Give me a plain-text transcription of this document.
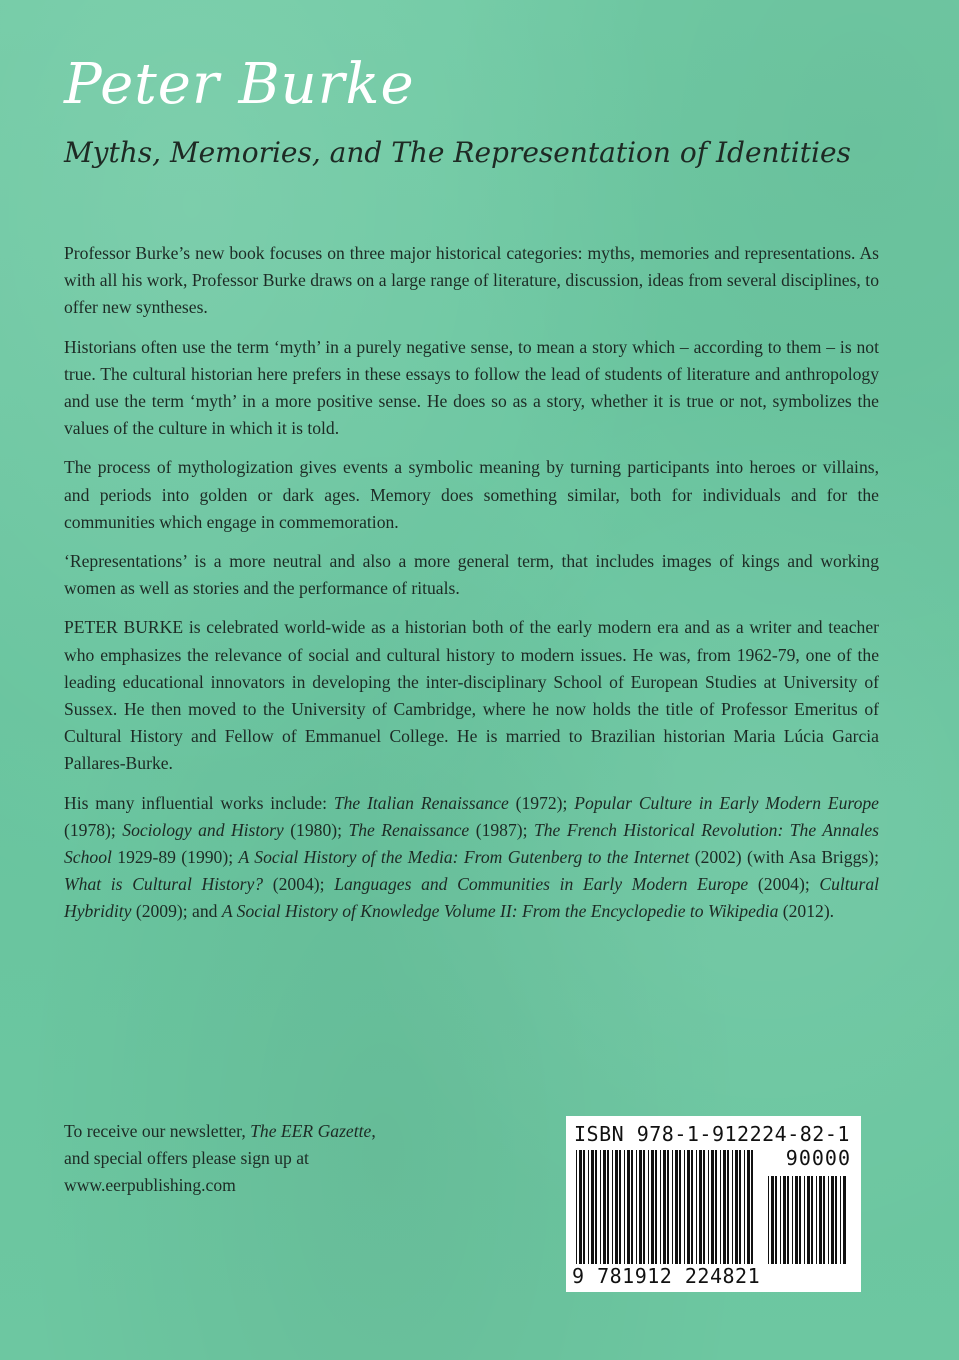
Peter Burke
Myths, Memories, and The Representation of Identities

Professor Burke’s new book focuses on three major historical categories: myths, memories and representations. As with all his work, Professor Burke draws on a large range of literature, discussion, ideas from several disciplines, to offer new syntheses.

Historians often use the term ‘myth’ in a purely negative sense, to mean a story which – according to them – is not true. The cultural historian here prefers in these essays to follow the lead of students of literature and anthropology and use the term ‘myth’ in a more positive sense. He does so as a story, whether it is true or not, symbolizes the values of the culture in which it is told.

The process of mythologization gives events a symbolic meaning by turning participants into heroes or villains, and periods into golden or dark ages. Memory does something similar, both for individuals and for the communities which engage in commemoration.

‘Representations’ is a more neutral and also a more general term, that includes images of kings and working women as well as stories and the performance of rituals.

PETER BURKE is celebrated world-wide as a historian both of the early modern era and as a writer and teacher who emphasizes the relevance of social and cultural history to modern issues. He was, from 1962-79, one of the leading educational innovators in developing the inter-disciplinary School of European Studies at University of Sussex. He then moved to the University of Cambridge, where he now holds the title of Professor Emeritus of Cultural History and Fellow of Emmanuel College. He is married to Brazilian historian Maria Lúcia Garcia Pallares-Burke.

His many influential works include: The Italian Renaissance (1972); Popular Culture in Early Modern Europe (1978); Sociology and History (1980); The Renaissance (1987); The French Historical Revolution: The Annales School 1929-89 (1990); A Social History of the Media: From Gutenberg to the Internet (2002) (with Asa Briggs); What is Cultural History? (2004); Languages and Communities in Early Modern Europe (2004); Cultural Hybridity (2009); and A Social History of Knowledge Volume II: From the Encyclopedie to Wikipedia (2012).

To receive our newsletter, The EER Gazette,
and special offers please sign up at
www.eerpublishing.com
ISBN 978-1-912224-82-1
90000
9 781912 224821
